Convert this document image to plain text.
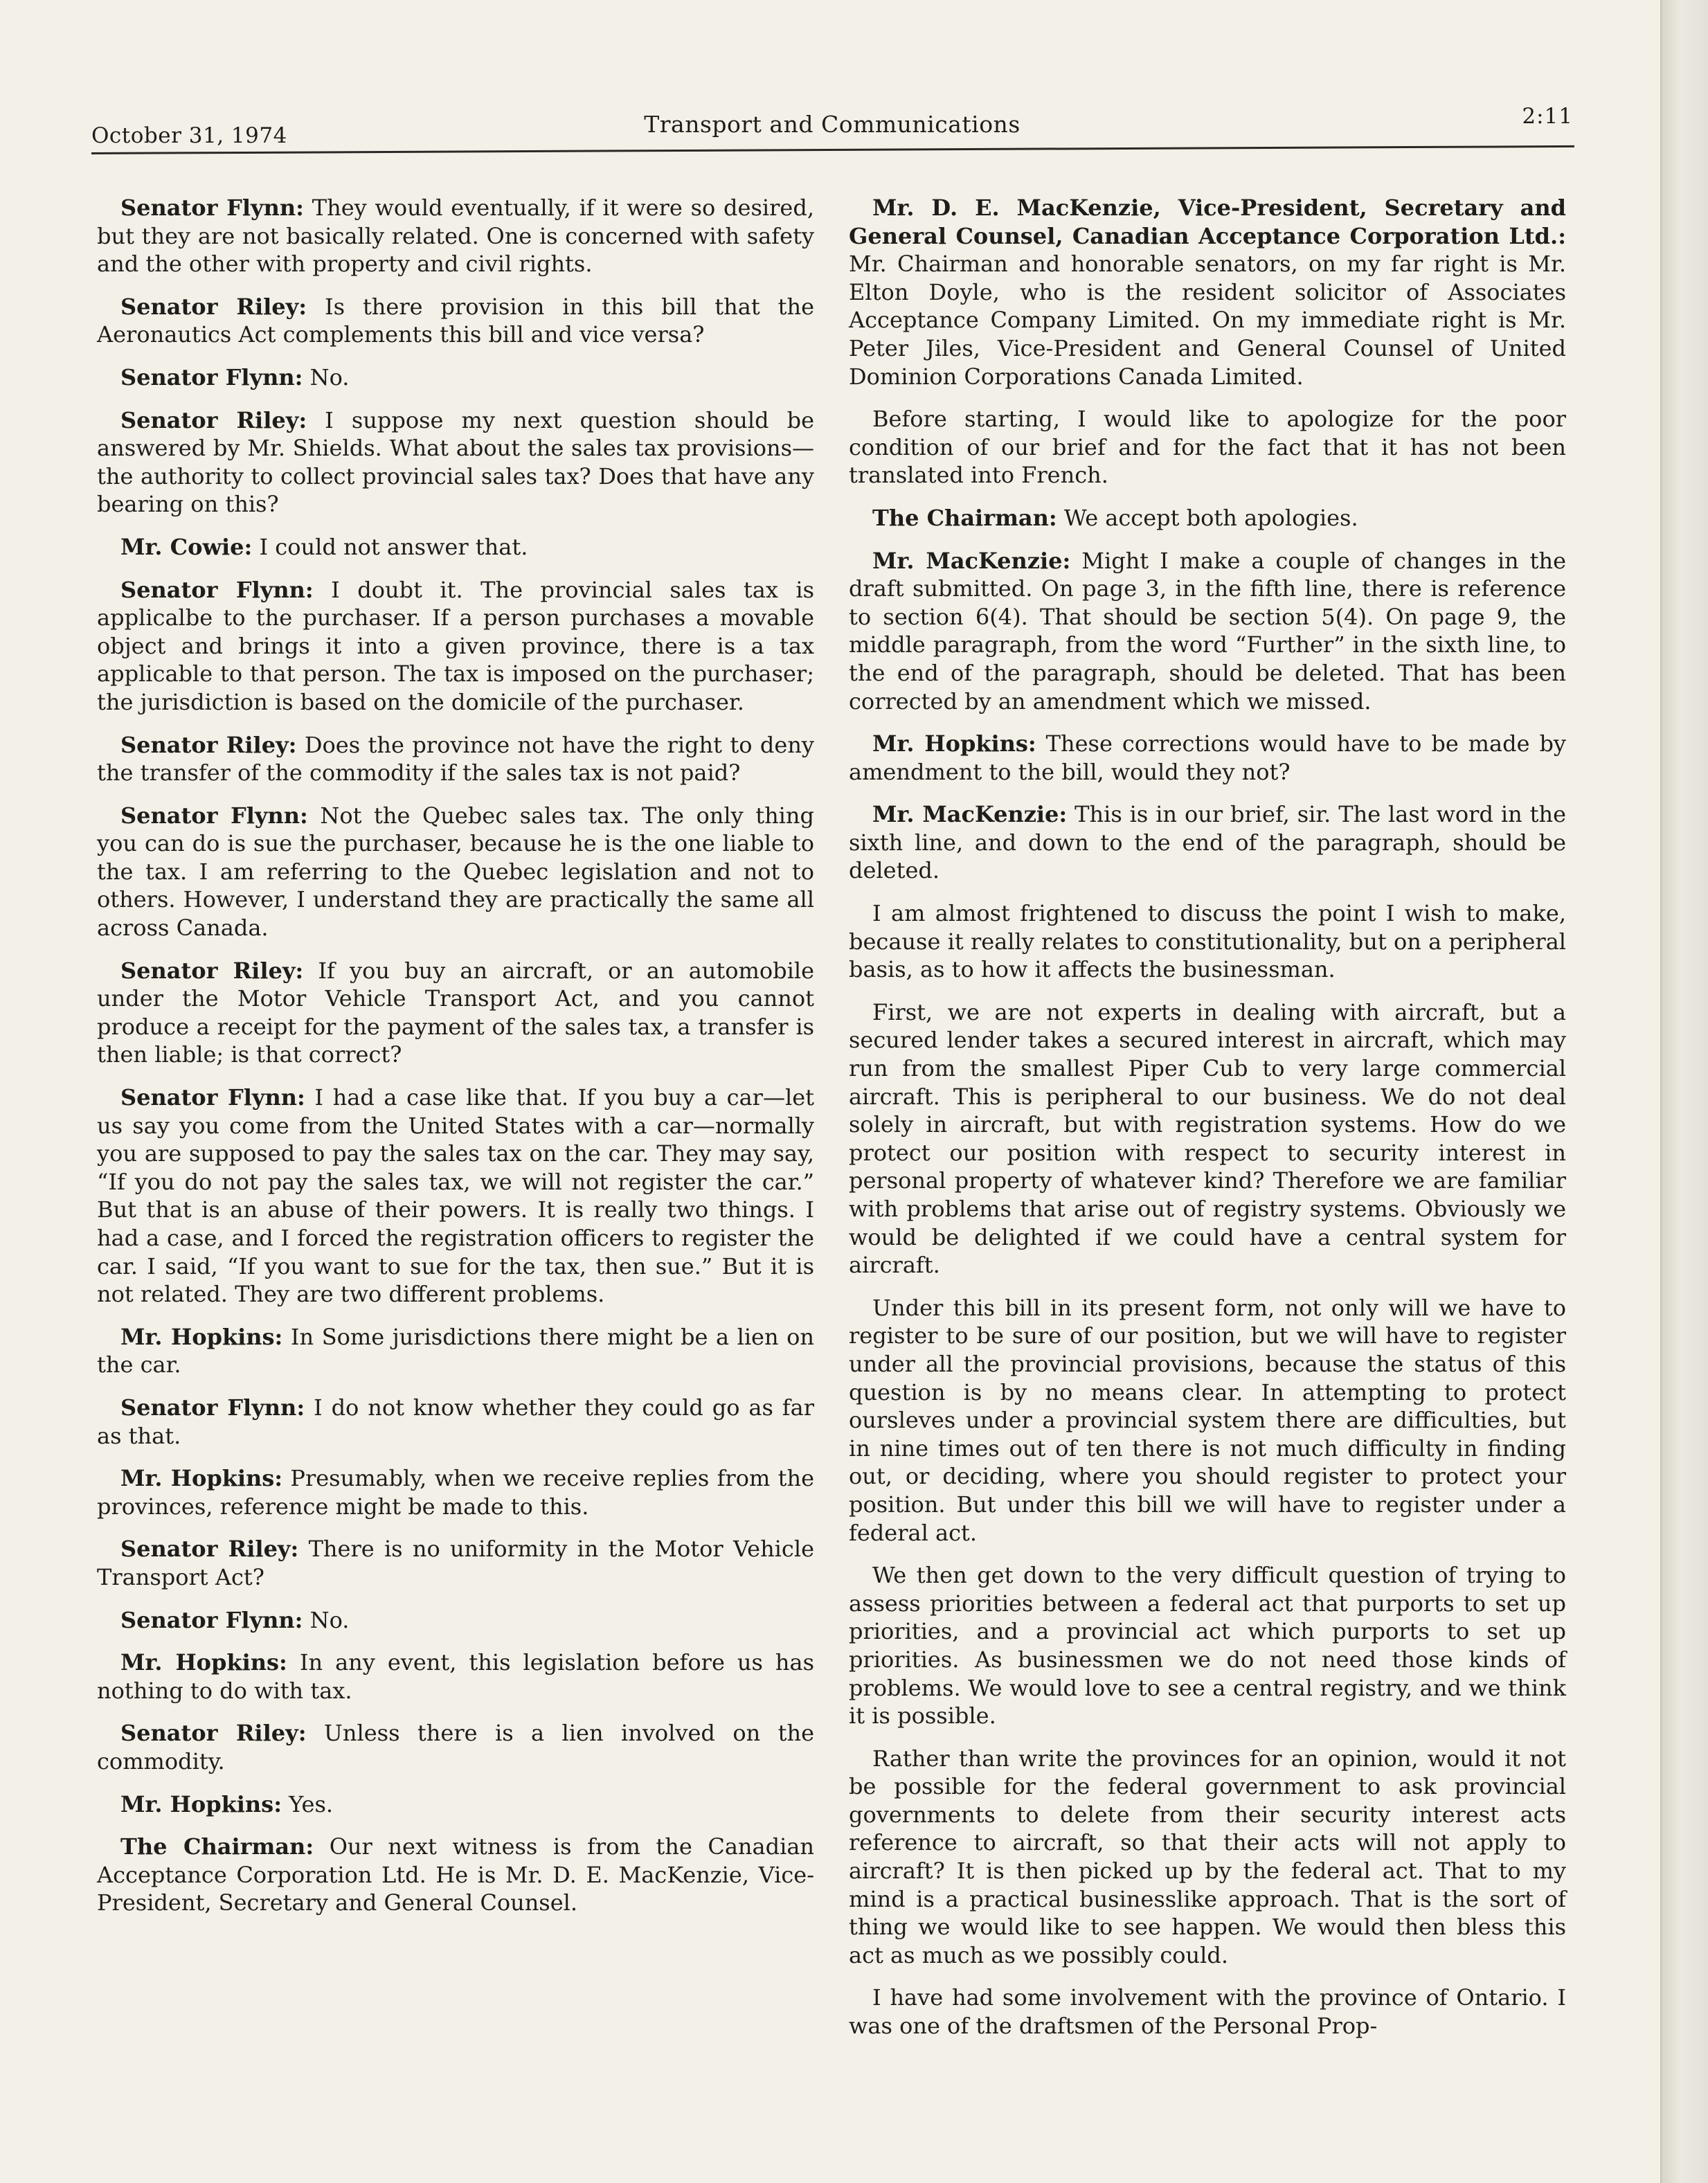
October 31, 1974	Transport and Communications	2:11

Senator Flynn: They would eventually, if it were so desired, but they are not basically related. One is concerned with safety and the other with property and civil rights.

Senator Riley: Is there provision in this bill that the Aeronautics Act complements this bill and vice versa?

Senator Flynn: No.

Senator Riley: I suppose my next question should be answered by Mr. Shields. What about the sales tax provisions—the authority to collect provincial sales tax? Does that have any bearing on this?

Mr. Cowie: I could not answer that.

Senator Flynn: I doubt it. The provincial sales tax is applicalbe to the purchaser. If a person purchases a movable object and brings it into a given province, there is a tax applicable to that person. The tax is imposed on the purchaser; the jurisdiction is based on the domicile of the purchaser.

Senator Riley: Does the province not have the right to deny the transfer of the commodity if the sales tax is not paid?

Senator Flynn: Not the Quebec sales tax. The only thing you can do is sue the purchaser, because he is the one liable to the tax. I am referring to the Quebec legislation and not to others. However, I understand they are practically the same all across Canada.

Senator Riley: If you buy an aircraft, or an automobile under the Motor Vehicle Transport Act, and you cannot produce a receipt for the payment of the sales tax, a transfer is then liable; is that correct?

Senator Flynn: I had a case like that. If you buy a car—let us say you come from the United States with a car—normally you are supposed to pay the sales tax on the car. They may say, “If you do not pay the sales tax, we will not register the car.” But that is an abuse of their powers. It is really two things. I had a case, and I forced the registration officers to register the car. I said, “If you want to sue for the tax, then sue.” But it is not related. They are two different problems.

Mr. Hopkins: In Some jurisdictions there might be a lien on the car.

Senator Flynn: I do not know whether they could go as far as that.

Mr. Hopkins: Presumably, when we receive replies from the provinces, reference might be made to this.

Senator Riley: There is no uniformity in the Motor Vehicle Transport Act?

Senator Flynn: No.

Mr. Hopkins: In any event, this legislation before us has nothing to do with tax.

Senator Riley: Unless there is a lien involved on the commodity.

Mr. Hopkins: Yes.

The Chairman: Our next witness is from the Canadian Acceptance Corporation Ltd. He is Mr. D. E. MacKenzie, Vice-President, Secretary and General Counsel.

Mr. D. E. MacKenzie, Vice-President, Secretary and General Counsel, Canadian Acceptance Corporation Ltd.: Mr. Chairman and honorable senators, on my far right is Mr. Elton Doyle, who is the resident solicitor of Associates Acceptance Company Limited. On my immediate right is Mr. Peter Jiles, Vice-President and General Counsel of United Dominion Corporations Canada Limited.

Before starting, I would like to apologize for the poor condition of our brief and for the fact that it has not been translated into French.

The Chairman: We accept both apologies.

Mr. MacKenzie: Might I make a couple of changes in the draft submitted. On page 3, in the fifth line, there is reference to section 6(4). That should be section 5(4). On page 9, the middle paragraph, from the word “Further” in the sixth line, to the end of the paragraph, should be deleted. That has been corrected by an amendment which we missed.

Mr. Hopkins: These corrections would have to be made by amendment to the bill, would they not?

Mr. MacKenzie: This is in our brief, sir. The last word in the sixth line, and down to the end of the paragraph, should be deleted.

I am almost frightened to discuss the point I wish to make, because it really relates to constitutionality, but on a peripheral basis, as to how it affects the businessman.

First, we are not experts in dealing with aircraft, but a secured lender takes a secured interest in aircraft, which may run from the smallest Piper Cub to very large commercial aircraft. This is peripheral to our business. We do not deal solely in aircraft, but with registration systems. How do we protect our position with respect to security interest in personal property of whatever kind? Therefore we are familiar with problems that arise out of registry systems. Obviously we would be delighted if we could have a central system for aircraft.

Under this bill in its present form, not only will we have to register to be sure of our position, but we will have to register under all the provincial provisions, because the status of this question is by no means clear. In attempting to protect oursleves under a provincial system there are difficulties, but in nine times out of ten there is not much difficulty in finding out, or deciding, where you should register to protect your position. But under this bill we will have to register under a federal act.

We then get down to the very difficult question of trying to assess priorities between a federal act that purports to set up priorities, and a provincial act which purports to set up priorities. As businessmen we do not need those kinds of problems. We would love to see a central registry, and we think it is possible.

Rather than write the provinces for an opinion, would it not be possible for the federal government to ask provincial governments to delete from their security interest acts reference to aircraft, so that their acts will not apply to aircraft? It is then picked up by the federal act. That to my mind is a practical businesslike approach. That is the sort of thing we would like to see happen. We would then bless this act as much as we possibly could.

I have had some involvement with the province of Ontario. I was one of the draftsmen of the Personal Prop-
